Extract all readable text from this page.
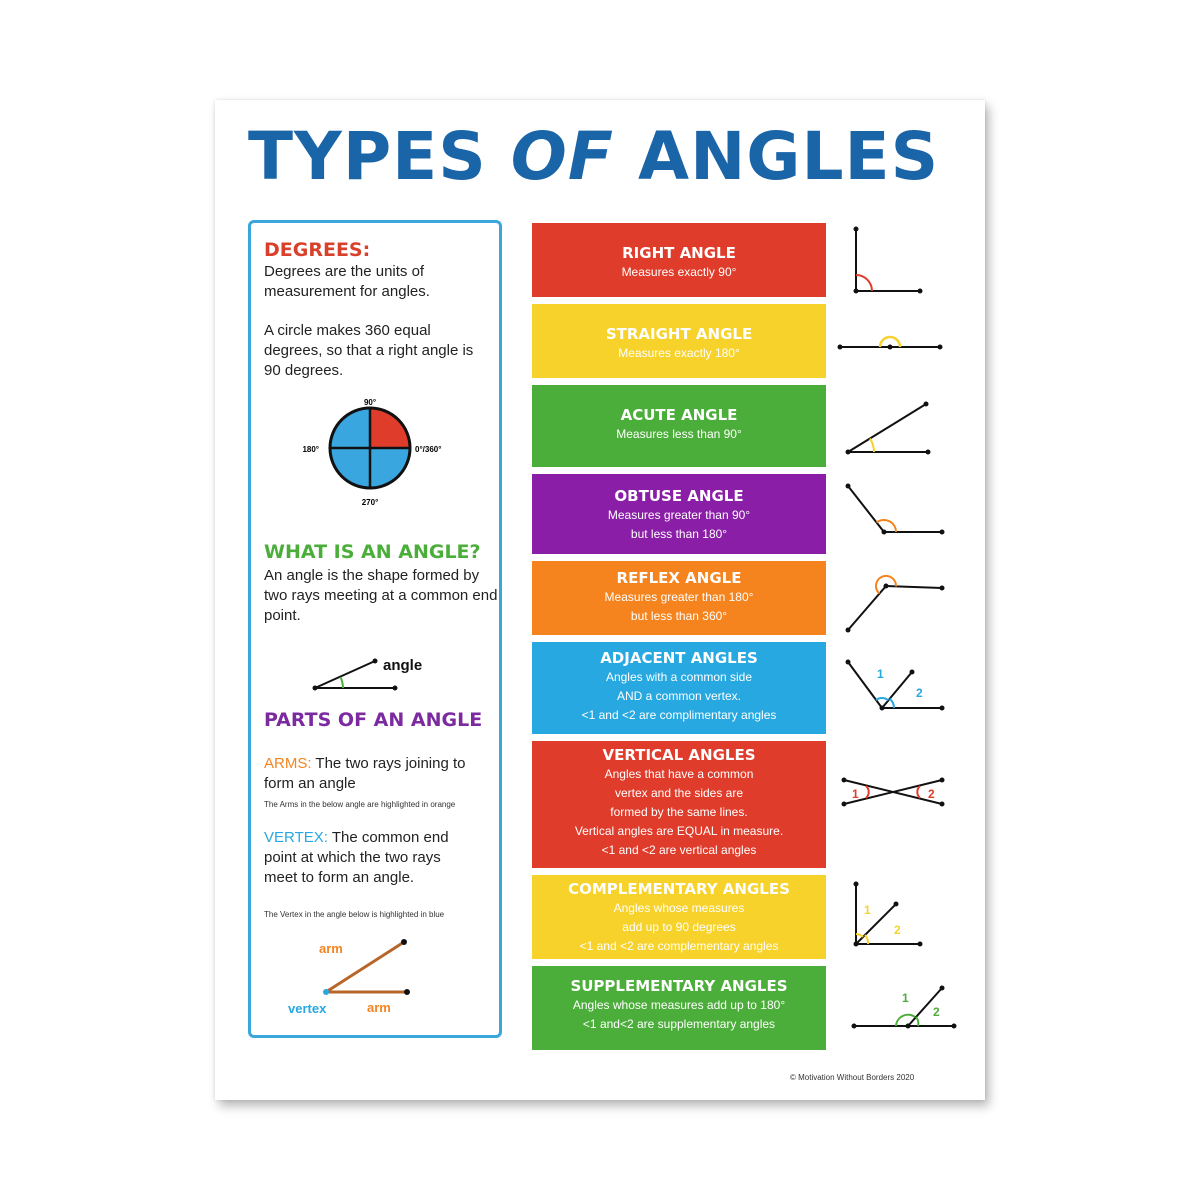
TYPES OF ANGLES
DEGREES:
Degrees are the units of measurement for angles.
A circle makes 360 equal degrees, so that a right angle is 90 degrees.
90°
180°	0°/360°
270°
WHAT IS AN ANGLE?
An angle is the shape formed by two rays meeting at a common end point.
angle
PARTS OF AN ANGLE
ARMS: The two rays joining to form an angle
The Arms in the below angle are highlighted in orange
VERTEX: The common end point at which the two rays meet to form an angle.
The Vertex in the angle below is highlighted in blue
arm
arm
vertex
RIGHT ANGLE
Measures exactly 90°
STRAIGHT ANGLE
Measures exactly 180°
ACUTE ANGLE
Measures less than 90°
OBTUSE ANGLE
Measures greater than 90°
but less than 180°
REFLEX ANGLE
Measures greater than 180°
but less than 360°
ADJACENT ANGLES
Angles with a common side
AND a common vertex.
<1 and <2 are complimentary angles
VERTICAL ANGLES
Angles that have a common
vertex and the sides are
formed by the same lines.
Vertical angles are EQUAL in measure.
<1 and <2 are vertical angles
COMPLEMENTARY ANGLES
Angles whose measures
add up to 90 degrees
<1 and <2 are complementary angles
SUPPLEMENTARY ANGLES
Angles whose measures add up to 180°
<1 and<2 are supplementary angles
1
2
1	2
1
2
1
2
© Motivation Without Borders 2020
